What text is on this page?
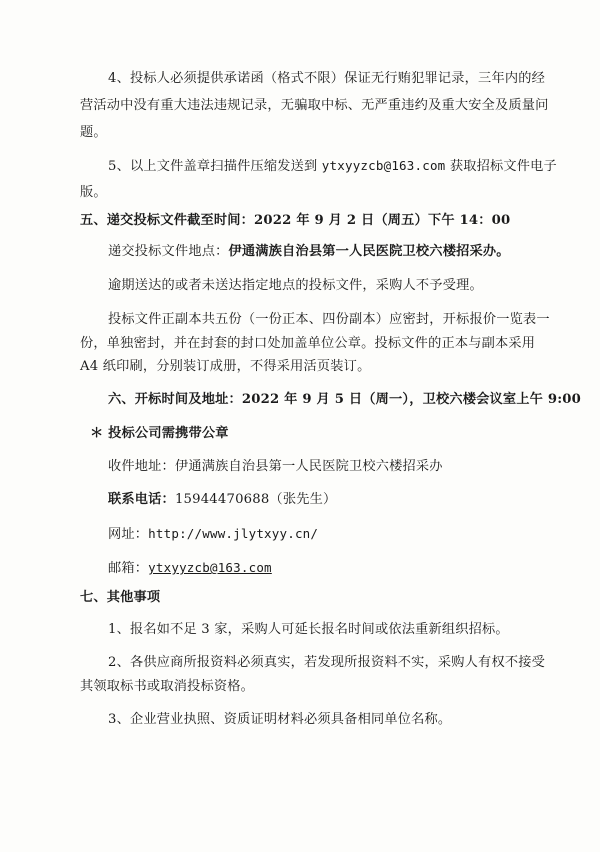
4、投标人必须提供承诺函（格式不限）保证无行贿犯罪记录，三年内的经
营活动中没有重大违法违规记录，无骗取中标、无严重违约及重大安全及质量问
题。
5、以上文件盖章扫描件压缩发送到 ytxyyzcb@163.com 获取招标文件电子
版。
五、递交投标文件截至时间：2022 年 9 月 2 日（周五）下午 14：00
递交投标文件地点：伊通满族自治县第一人民医院卫校六楼招采办。
逾期送达的或者未送达指定地点的投标文件，采购人不予受理。
投标文件正副本共五份（一份正本、四份副本）应密封，开标报价一览表一
份，单独密封，并在封套的封口处加盖单位公章。投标文件的正本与副本采用
A4 纸印刷，分别装订成册，不得采用活页装订。
六、开标时间及地址：2022 年 9 月 5 日（周一），卫校六楼会议室上午 9:00
＊ 投标公司需携带公章
收件地址：伊通满族自治县第一人民医院卫校六楼招采办
联系电话：15944470688（张先生）
网址：http://www.jlytxyy.cn/
邮箱：ytxyyzcb@163.com
七、其他事项
1、报名如不足 3 家，采购人可延长报名时间或依法重新组织招标。
2、各供应商所报资料必须真实，若发现所报资料不实，采购人有权不接受
其领取标书或取消投标资格。
3、企业营业执照、资质证明材料必须具备相同单位名称。
